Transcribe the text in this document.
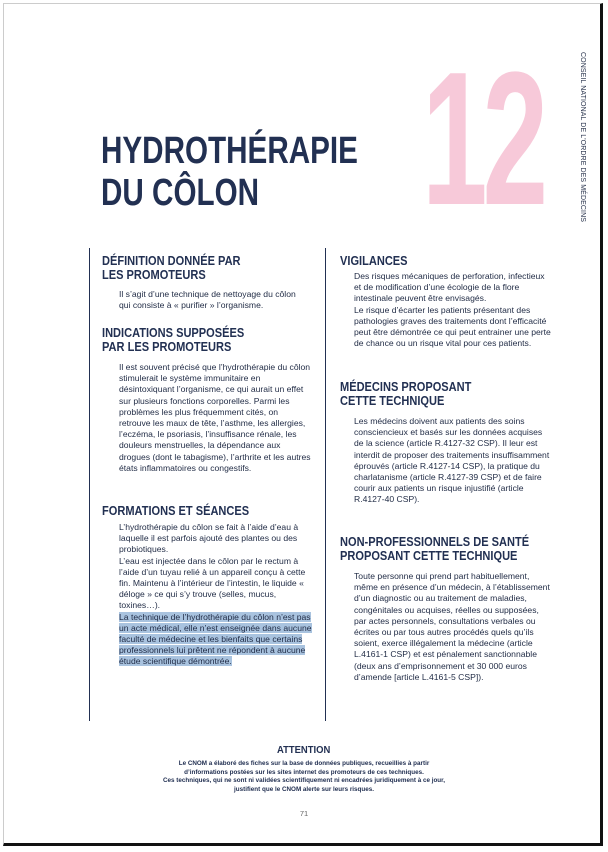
12	CONSEIL NATIONAL DE L'ORDRE DES MÉDECINS
HYDROTHÉRAPIE
DU CÔLON
DÉFINITION DONNÉE PAR
LES PROMOTEURS

Il s’agit d’une technique de nettoyage du côlon qui consiste à « purifier » l’organisme.

INDICATIONS SUPPOSÉES
PAR LES PROMOTEURS

Il est souvent précisé que l’hydrothérapie du côlon stimulerait le système immunitaire en désintoxiquant l’organisme, ce qui aurait un effet sur plusieurs fonctions corporelles. Parmi les problèmes les plus fréquemment cités, on retrouve les maux de tête, l’asthme, les allergies, l’eczéma, le psoriasis, l’insuffisance rénale, les douleurs menstruelles, la dépendance aux drogues (dont le tabagisme), l’arthrite et les autres états inflammatoires ou congestifs.

FORMATIONS ET SÉANCES
L’hydrothérapie du côlon se fait à l’aide d’eau à laquelle il est parfois ajouté des plantes ou des probiotiques.
L’eau est injectée dans le côlon par le rectum à l’aide d’un tuyau relié à un appareil conçu à cette fin. Maintenu à l’intérieur de l’intestin, le liquide « déloge » ce qui s’y trouve (selles, mucus, toxines…).
La technique de l’hydrothérapie du côlon n’est pas un acte médical, elle n’est enseignée dans aucune faculté de médecine et les bienfaits que certains professionnels lui prêtent ne répondent à aucune étude scientifique démontrée.
VIGILANCES
Des risques mécaniques de perforation, infectieux et de modification d’une écologie de la flore intestinale peuvent être envisagés.
Le risque d’écarter les patients présentant des pathologies graves des traitements dont l’efficacité peut être démontrée ce qui peut entrainer une perte de chance ou un risque vital pour ces patients.
MÉDECINS PROPOSANT
CETTE TECHNIQUE

Les médecins doivent aux patients des soins consciencieux et basés sur les données acquises de la science (article R.4127-32 CSP). Il leur est interdit de proposer des traitements insuffisamment éprouvés (article R.4127-14 CSP), la pratique du charlatanisme (article R.4127-39 CSP) et de faire courir aux patients un risque injustifié (article R.4127-40 CSP).

NON-PROFESSIONNELS DE SANTÉ
PROPOSANT CETTE TECHNIQUE

Toute personne qui prend part habituellement, même en présence d’un médecin, à l’établissement d’un diagnostic ou au traitement de maladies, congénitales ou acquises, réelles ou supposées, par actes personnels, consultations verbales ou écrites ou par tous autres procédés quels qu’ils soient, exerce illégalement la médecine (article L.4161-1 CSP) et est pénalement sanctionnable (deux ans d’emprisonnement et 30 000 euros d’amende [article L.4161-5 CSP]).

ATTENTION
Le CNOM a élaboré des fiches sur la base de données publiques, recueillies à partir
d’informations postées sur les sites internet des promoteurs de ces techniques.
Ces techniques, qui ne sont ni validées scientifiquement ni encadrées juridiquement à ce jour,
justifient que le CNOM alerte sur leurs risques.
71
